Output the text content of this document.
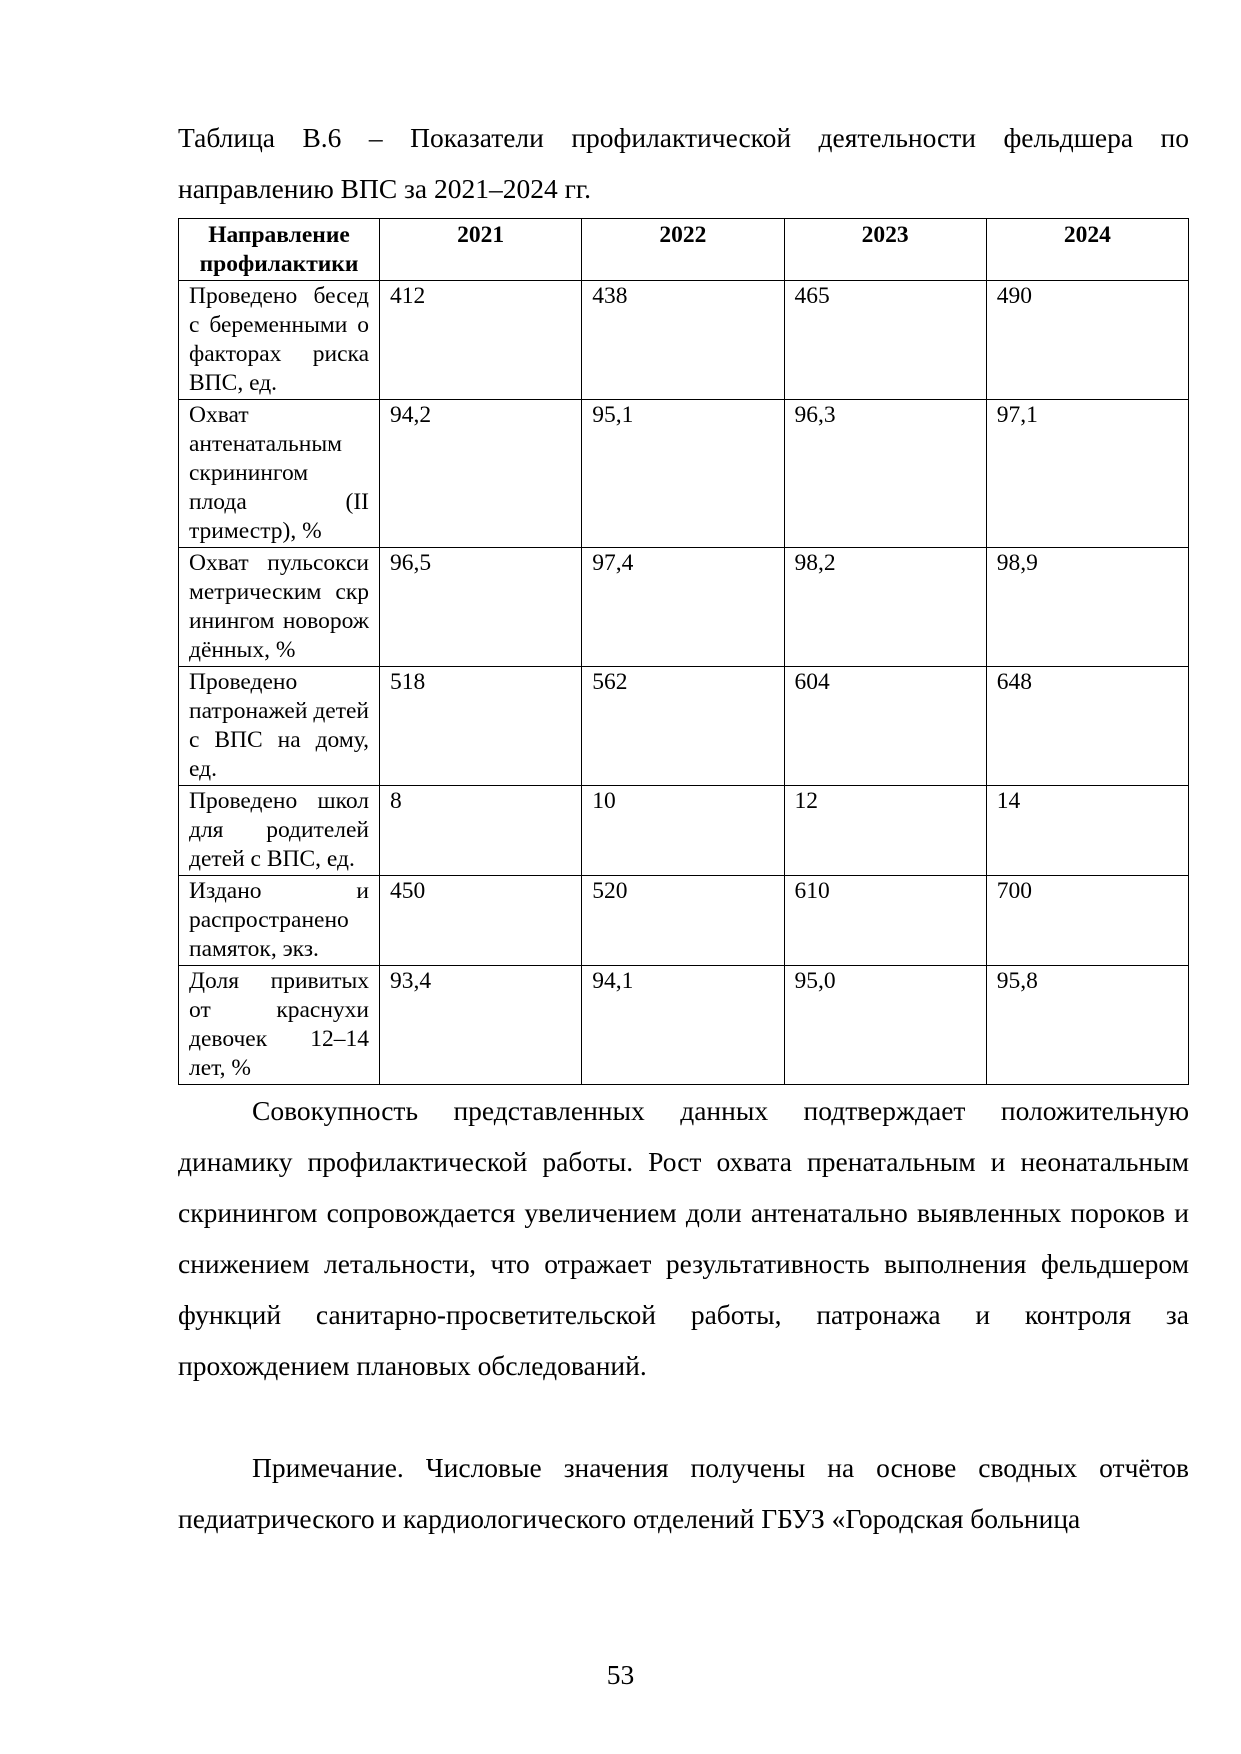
Таблица В.6 – Показатели профилактической деятельности фельдшера по направлению ВПС за 2021–2024 гг.

Направление профилактики	2021	2022	2023	2024
Проведено бесед с беременными о факторах риска ВПС, ед.	412	438	465	490
Охват антенатальным скринингом плода (II триместр), %	94,2	95,1	96,3	97,1
Охват пульсоксиметрическим скринингом новорождённых, %	96,5	97,4	98,2	98,9
Проведено патронажей детей с ВПС на дому, ед.	518	562	604	648
Проведено школ для родителей детей с ВПС, ед.	8	10	12	14
Издано и распространено памяток, экз.	450	520	610	700
Доля привитых от краснухи девочек 12–14 лет, %	93,4	94,1	95,0	95,8

Совокупность представленных данных подтверждает положительную динамику профилактической работы. Рост охвата пренатальным и неонатальным скринингом сопровождается увеличением доли антенатально выявленных пороков и снижением летальности, что отражает результативность выполнения фельдшером функций санитарно-просветительской работы, патронажа и контроля за прохождением плановых обследований.

Примечание. Числовые значения получены на основе сводных отчётов педиатрического и кардиологического отделений ГБУЗ «Городская больница

53
